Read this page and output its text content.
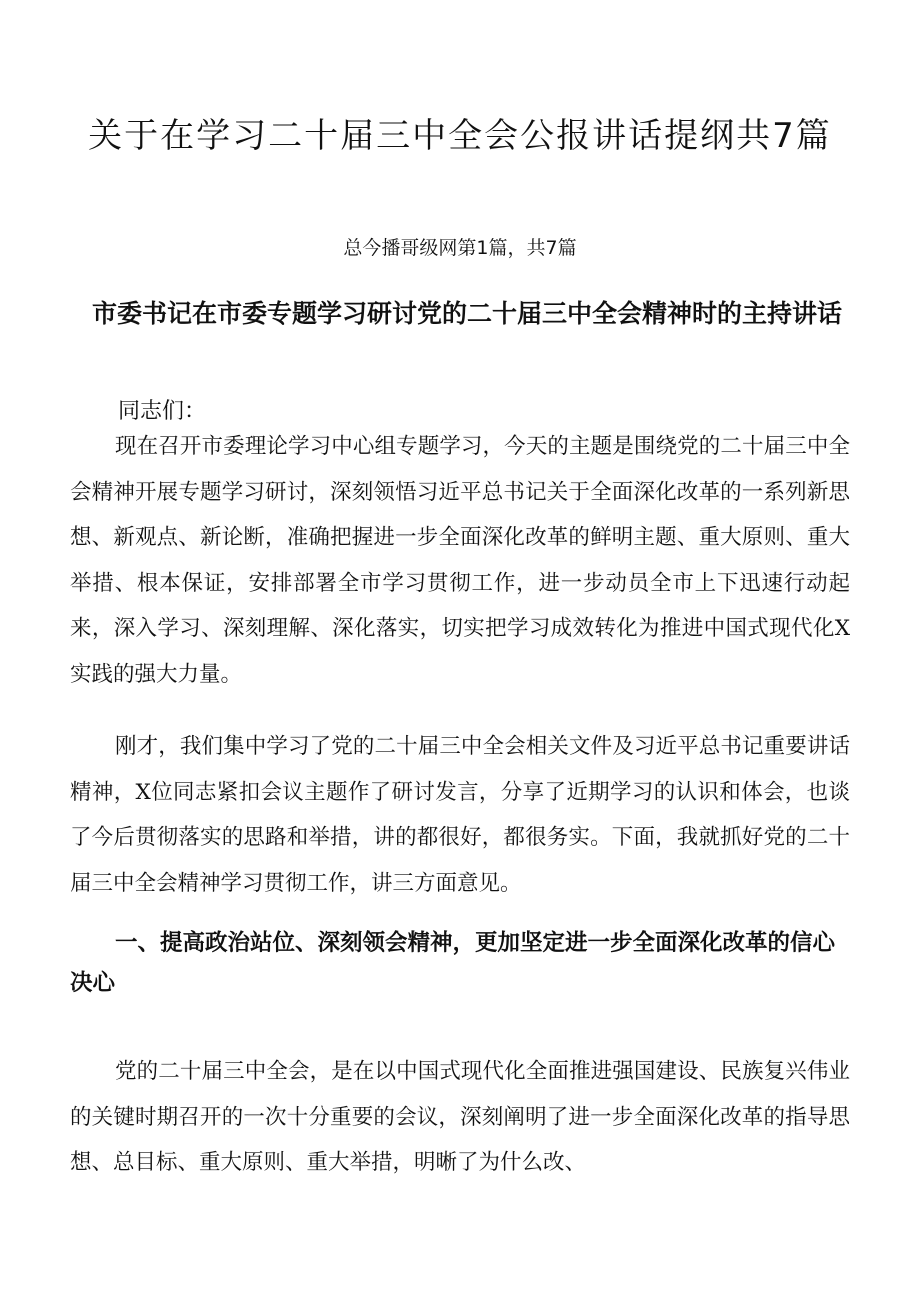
关于在学习二十届三中全会公报讲话提纲共7篇

总今播哥级网第1篇，共7篇

市委书记在市委专题学习研讨党的二十届三中全会精神时的主持讲话

同志们：

现在召开市委理论学习中心组专题学习，今天的主题是围绕党的二十届三中全会精神开展专题学习研讨，深刻领悟习近平总书记关于全面深化改革的一系列新思想、新观点、新论断，准确把握进一步全面深化改革的鲜明主题、重大原则、重大举措、根本保证，安排部署全市学习贯彻工作，进一步动员全市上下迅速行动起来，深入学习、深刻理解、深化落实，切实把学习成效转化为推进中国式现代化X实践的强大力量。

刚才，我们集中学习了党的二十届三中全会相关文件及习近平总书记重要讲话精神，X位同志紧扣会议主题作了研讨发言，分享了近期学习的认识和体会，也谈了今后贯彻落实的思路和举措，讲的都很好，都很务实。下面，我就抓好党的二十届三中全会精神学习贯彻工作，讲三方面意见。

一、提高政治站位、深刻领会精神，更加坚定进一步全面深化改革的信心决心

党的二十届三中全会，是在以中国式现代化全面推进强国建设、民族复兴伟业的关键时期召开的一次十分重要的会议，深刻阐明了进一步全面深化改革的指导思想、总目标、重大原则、重大举措，明晰了为什么改、
